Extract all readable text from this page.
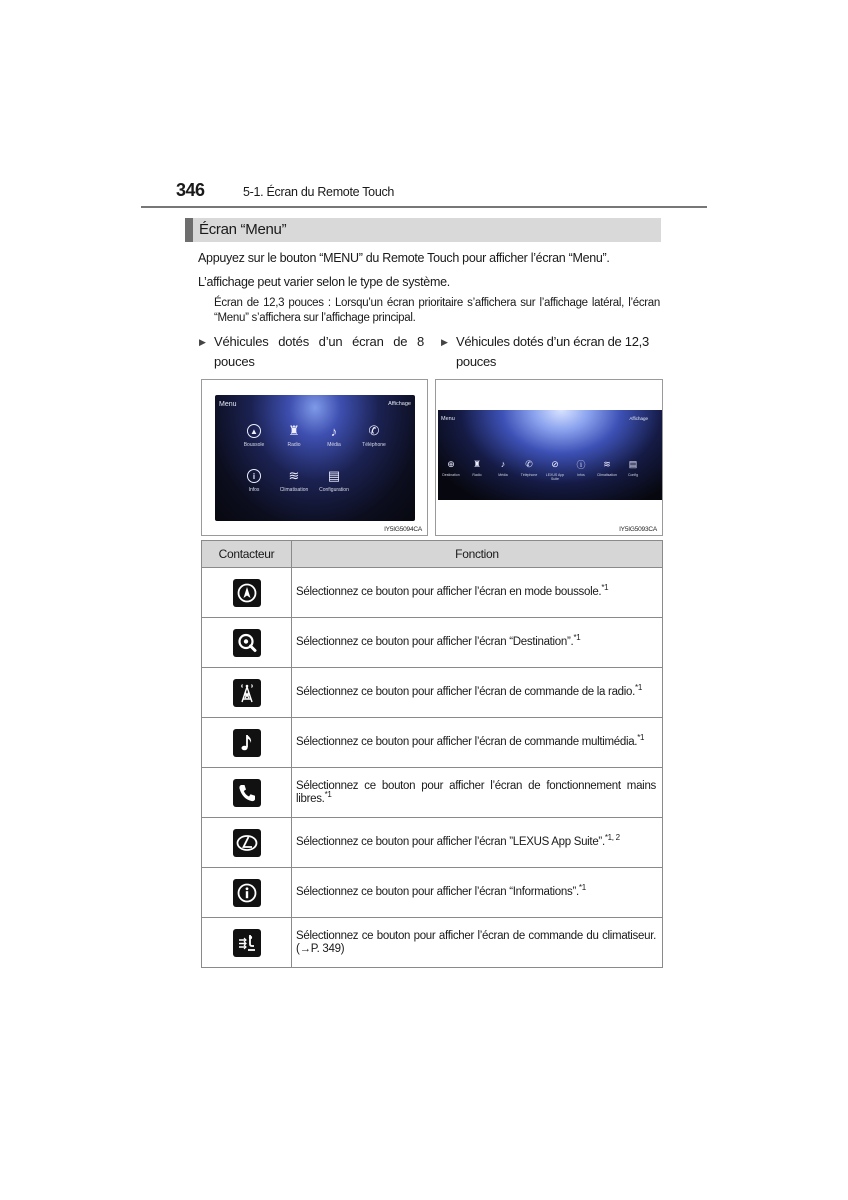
346	5-1. Écran du Remote Touch
Écran “Menu”
Appuyez sur le bouton “MENU” du Remote Touch pour afficher l’écran “Menu”.
L’affichage peut varier selon le type de système.
Écran de 12,3 pouces : Lorsqu’un écran prioritaire s’affichera sur l’affichage latéral, l’écran “Menu” s’affichera sur l’affichage principal.
▶ Véhicules dotés d’un écran de 8 pouces
▶ Véhicules dotés d’un écran de 12,3 pouces
Menu	Affichage
▲
Boussole
♜
Radio
♪
Média
✆
Téléphone
i
Infos
≋
Climatisation
▤
Configuration
IY5IG5094CA
Menu	Affichage
⊕
Destination
♜
Radio
♪
Média
✆
Téléphone
⊘
LEXUS App Suite
ⓘ
Infos
≋
Climatisation
▤
Config
IY5IG5093CA
Contacteur	Fonction

	Sélectionnez ce bouton pour afficher l’écran en mode boussole.$^{*1}$

	Sélectionnez ce bouton pour afficher l’écran “Destination”.$^{*1}$

	Sélectionnez ce bouton pour afficher l’écran de commande de la radio.$^{*1}$

	Sélectionnez ce bouton pour afficher l’écran de commande multimédia.$^{*1}$

	Sélectionnez ce bouton pour afficher l’écran de fonctionnement mains libres.$^{*1}$

	Sélectionnez ce bouton pour afficher l’écran ”LEXUS App Suite”.$^{*1, 2}$

	Sélectionnez ce bouton pour afficher l’écran “Informations”.$^{*1}$

	Sélectionnez ce bouton pour afficher l’écran de commande du climatiseur. (→P. 349)
